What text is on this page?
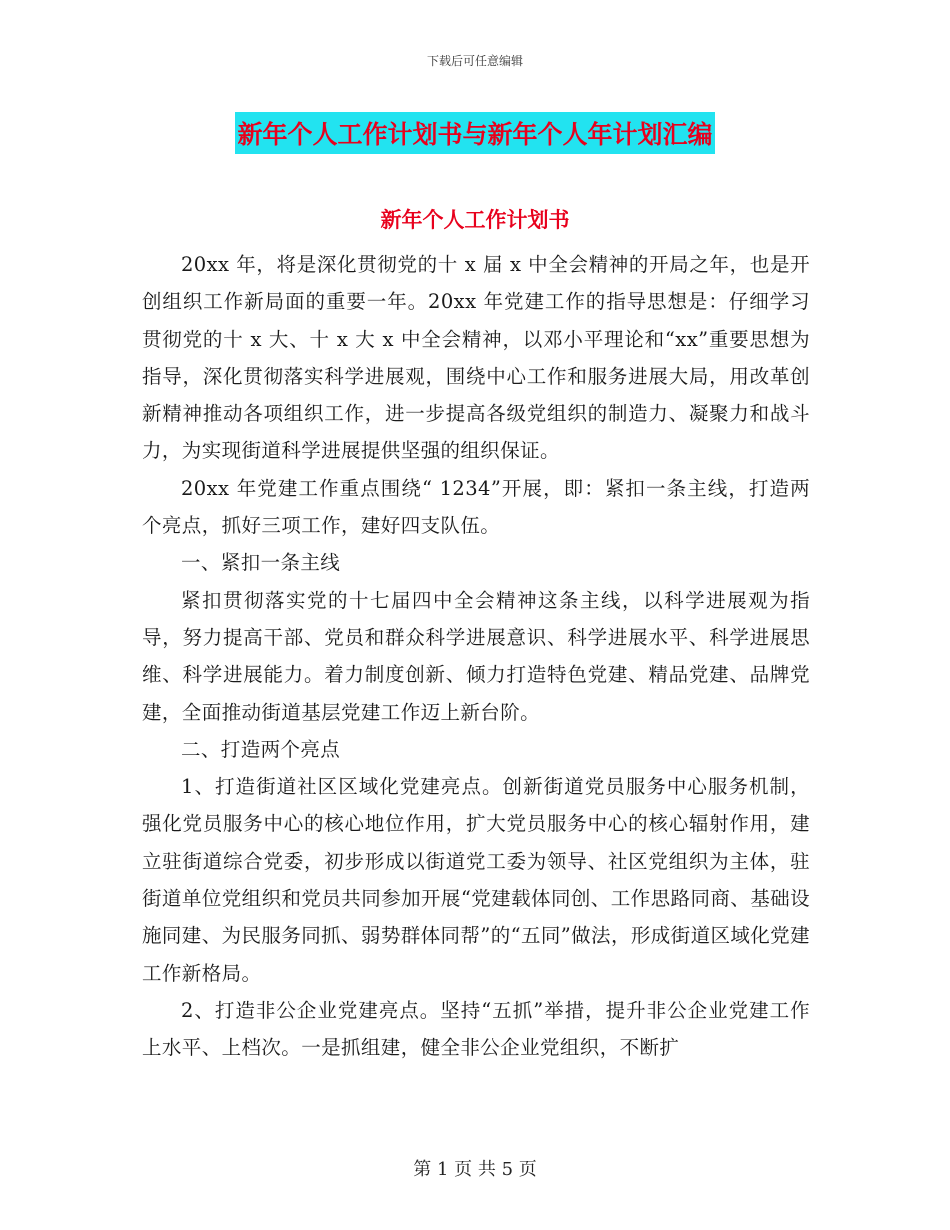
下载后可任意编辑
新年个人工作计划书与新年个人年计划汇编
新年个人工作计划书

20xx 年，将是深化贯彻党的十 x 届 x 中全会精神的开局之年，也是开创组织工作新局面的重要一年。20xx 年党建工作的指导思想是：仔细学习贯彻党的十 x 大、十 x 大 x 中全会精神，以邓小平理论和“xx”重要思想为指导，深化贯彻落实科学进展观，围绕中心工作和服务进展大局，用改革创新精神推动各项组织工作，进一步提高各级党组织的制造力、凝聚力和战斗力，为实现街道科学进展提供坚强的组织保证。

20xx 年党建工作重点围绕“ 1234”开展，即：紧扣一条主线，打造两个亮点，抓好三项工作，建好四支队伍。

一、紧扣一条主线

紧扣贯彻落实党的十七届四中全会精神这条主线，以科学进展观为指导，努力提高干部、党员和群众科学进展意识、科学进展水平、科学进展思维、科学进展能力。着力制度创新、倾力打造特色党建、精品党建、品牌党建，全面推动街道基层党建工作迈上新台阶。

二、打造两个亮点

1、打造街道社区区域化党建亮点。创新街道党员服务中心服务机制，强化党员服务中心的核心地位作用，扩大党员服务中心的核心辐射作用，建立驻街道综合党委，初步形成以街道党工委为领导、社区党组织为主体，驻街道单位党组织和党员共同参加开展“党建载体同创、工作思路同商、基础设施同建、为民服务同抓、弱势群体同帮”的“五同”做法，形成街道区域化党建工作新格局。

2、打造非公企业党建亮点。坚持“五抓”举措，提升非公企业党建工作上水平、上档次。一是抓组建，健全非公企业党组织，不断扩

第 1 页 共 5 页
